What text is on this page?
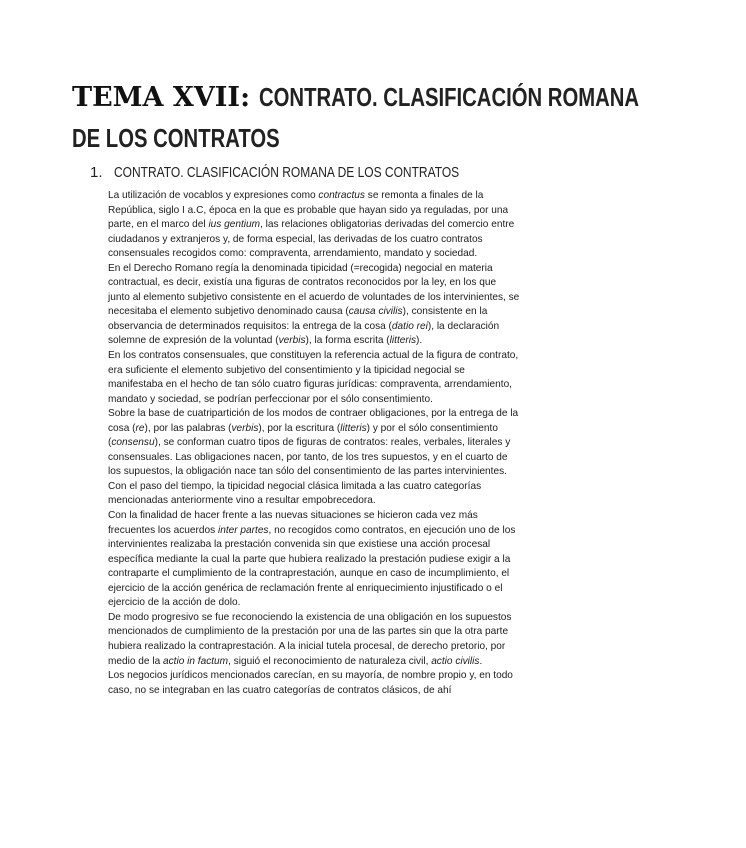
TEMA XVII: CONTRATO. CLASIFICACIÓN ROMANA
DE LOS CONTRATOS
1. CONTRATO. CLASIFICACIÓN ROMANA DE LOS CONTRATOS

La utilización de vocablos y expresiones como contractus se remonta a finales de la República, siglo I a.C, época en la que es probable que hayan sido ya reguladas, por una parte, en el marco del ius gentium, las relaciones obligatorias derivadas del comercio entre ciudadanos y extranjeros y, de forma especial, las derivadas de los cuatro contratos consensuales recogidos como: compraventa, arrendamiento, mandato y sociedad.

En el Derecho Romano regía la denominada tipicidad (=recogida) negocial en materia contractual, es decir, existía una figuras de contratos reconocidos por la ley, en los que junto al elemento subjetivo consistente en el acuerdo de voluntades de los intervinientes, se necesitaba el elemento subjetivo denominado causa (causa civilis), consistente en la observancia de determinados requisitos: la entrega de la cosa (datio rei), la declaración solemne de expresión de la voluntad (verbis), la forma escrita (litteris).

En los contratos consensuales, que constituyen la referencia actual de la figura de contrato, era suficiente el elemento subjetivo del consentimiento y la tipicidad negocial se manifestaba en el hecho de tan sólo cuatro figuras jurídicas: compraventa, arrendamiento, mandato y sociedad, se podrían perfeccionar por el sólo consentimiento.

Sobre la base de cuatripartición de los modos de contraer obligaciones, por la entrega de la cosa (re), por las palabras (verbis), por la escritura (litteris) y por el sólo consentimiento (consensu), se conforman cuatro tipos de figuras de contratos: reales, verbales, literales y consensuales. Las obligaciones nacen, por tanto, de los tres supuestos, y en el cuarto de los supuestos, la obligación nace tan sólo del consentimiento de las partes intervinientes.

Con el paso del tiempo, la tipicidad negocial clásica limitada a las cuatro categorías mencionadas anteriormente vino a resultar empobrecedora.

Con la finalidad de hacer frente a las nuevas situaciones se hicieron cada vez más frecuentes los acuerdos inter partes, no recogidos como contratos, en ejecución uno de los intervinientes realizaba la prestación convenida sin que existiese una acción procesal específica mediante la cual la parte que hubiera realizado la prestación pudiese exigir a la contraparte el cumplimiento de la contraprestación, aunque en caso de incumplimiento, el ejercicio de la acción genérica de reclamación frente al enriquecimiento injustificado o el ejercicio de la acción de dolo.

De modo progresivo se fue reconociendo la existencia de una obligación en los supuestos mencionados de cumplimiento de la prestación por una de las partes sin que la otra parte hubiera realizado la contraprestación. A la inicial tutela procesal, de derecho pretorio, por medio de la actio in factum, siguió el reconocimiento de naturaleza civil, actio civilis.

Los negocios jurídicos mencionados carecían, en su mayoría, de nombre propio y, en todo caso, no se integraban en las cuatro categorías de contratos clásicos, de ahí
